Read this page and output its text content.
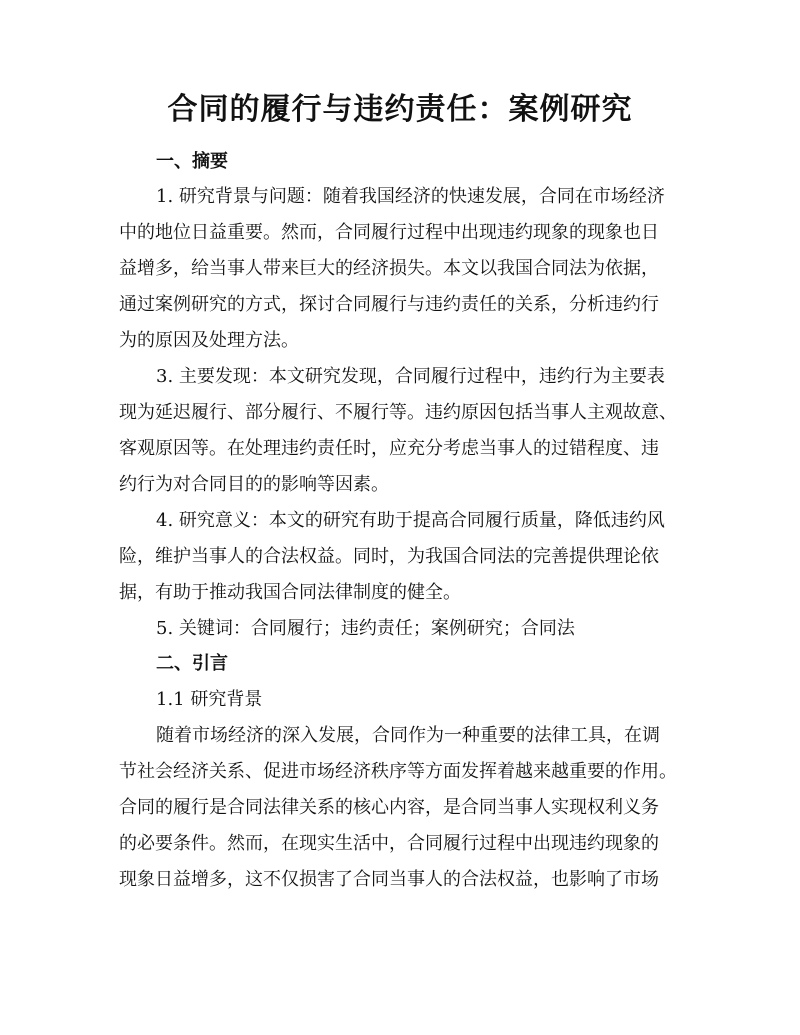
合同的履行与违约责任：案例研究
一、摘要
1. 研究背景与问题：随着我国经济的快速发展，合同在市场经济
中的地位日益重要。然而，合同履行过程中出现违约现象的现象也日
益增多，给当事人带来巨大的经济损失。本文以我国合同法为依据，
通过案例研究的方式，探讨合同履行与违约责任的关系，分析违约行
为的原因及处理方法。
3. 主要发现：本文研究发现，合同履行过程中，违约行为主要表
现为延迟履行、部分履行、不履行等。违约原因包括当事人主观故意、
客观原因等。在处理违约责任时，应充分考虑当事人的过错程度、违
约行为对合同目的的影响等因素。
4. 研究意义：本文的研究有助于提高合同履行质量，降低违约风
险，维护当事人的合法权益。同时，为我国合同法的完善提供理论依
据，有助于推动我国合同法律制度的健全。
5. 关键词：合同履行；违约责任；案例研究；合同法
二、引言
1.1 研究背景
随着市场经济的深入发展，合同作为一种重要的法律工具，在调
节社会经济关系、促进市场经济秩序等方面发挥着越来越重要的作用。
合同的履行是合同法律关系的核心内容，是合同当事人实现权利义务
的必要条件。然而，在现实生活中，合同履行过程中出现违约现象的
现象日益增多，这不仅损害了合同当事人的合法权益，也影响了市场
